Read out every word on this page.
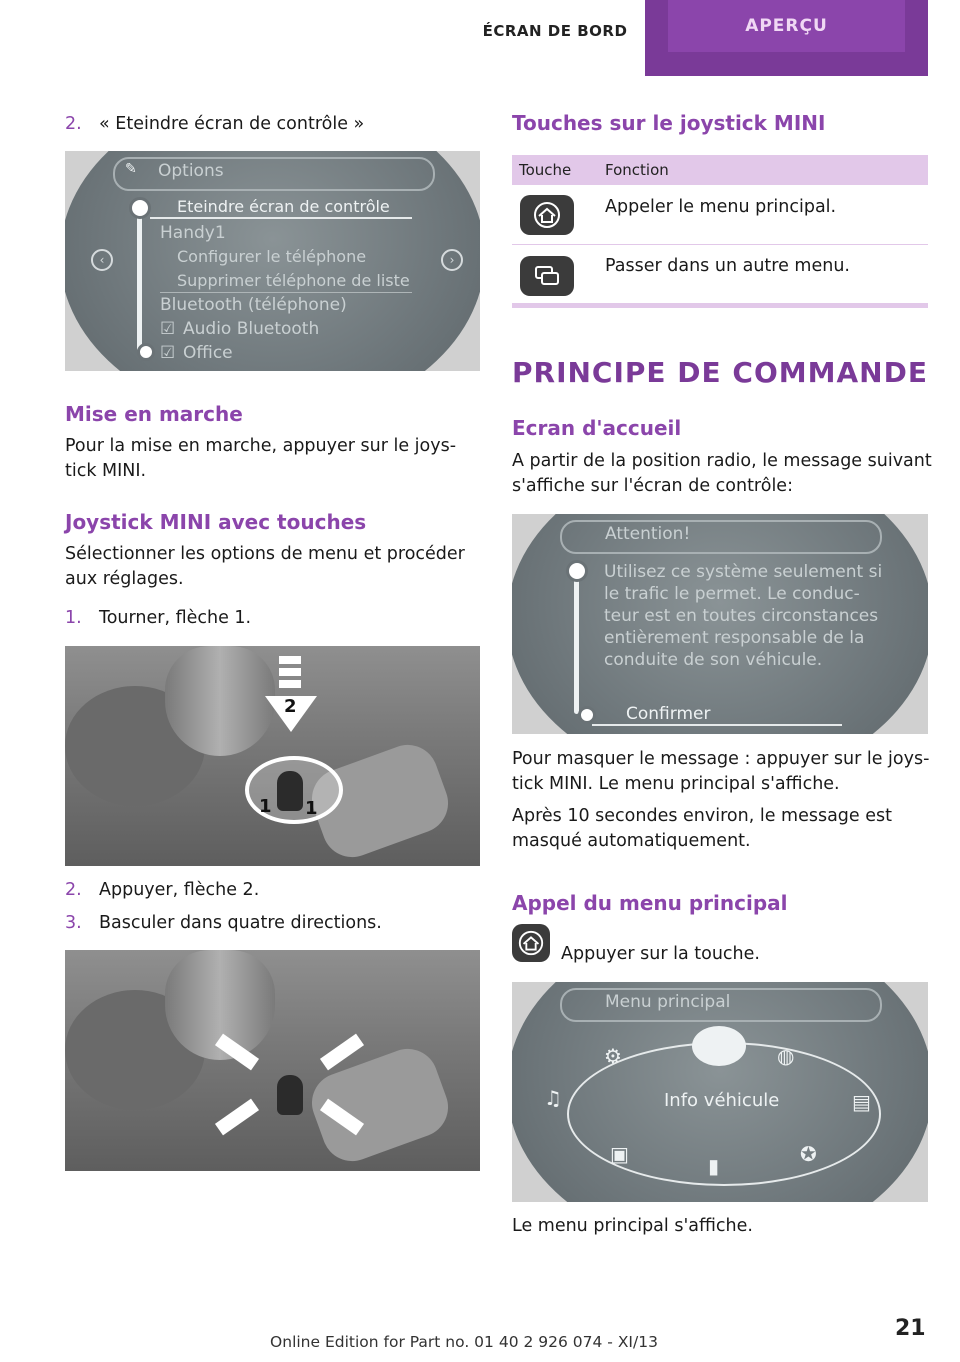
ÉCRAN DE BORD	APERÇU
2. « Eteindre écran de contrôle »
✎ Options
Eteindre écran de contrôle
Handy1
Configurer le téléphone
Supprimer téléphone de liste
Bluetooth (téléphone)
☑ Audio Bluetooth
☑ Office
‹	›
Mise en marche
Pour la mise en marche, appuyer sur le joys‐
tick MINI.
Joystick MINI avec touches
Sélectionner les options de menu et procéder
aux réglages.
1. Tourner, flèche 1.
2
1 1
2. Appuyer, flèche 2.
3. Basculer dans quatre directions.
Touches sur le joystick MINI
Touche Fonction
Appeler le menu principal.
Passer dans un autre menu.
PRINCIPE DE COMMANDE
Ecran d'accueil
A partir de la position radio, le message suivant
s'affiche sur l'écran de contrôle:
Attention!
Utilisez ce système seulement si
le trafic le permet. Le conduc-
teur est en toutes circonstances
entièrement responsable de la
conduite de son véhicule.
Confirmer
Pour masquer le message : appuyer sur le joys‐
tick MINI. Le menu principal s'affiche.
Après 10 secondes environ, le message est
masqué automatiquement.
Appel du menu principal
Appuyer sur la touche.
Menu principal
Info véhicule
⚙	◍
♫	▤
▣	▮	✪
Le menu principal s'affiche.
Online Edition for Part no. 01 40 2 926 074 - XI/13
21
